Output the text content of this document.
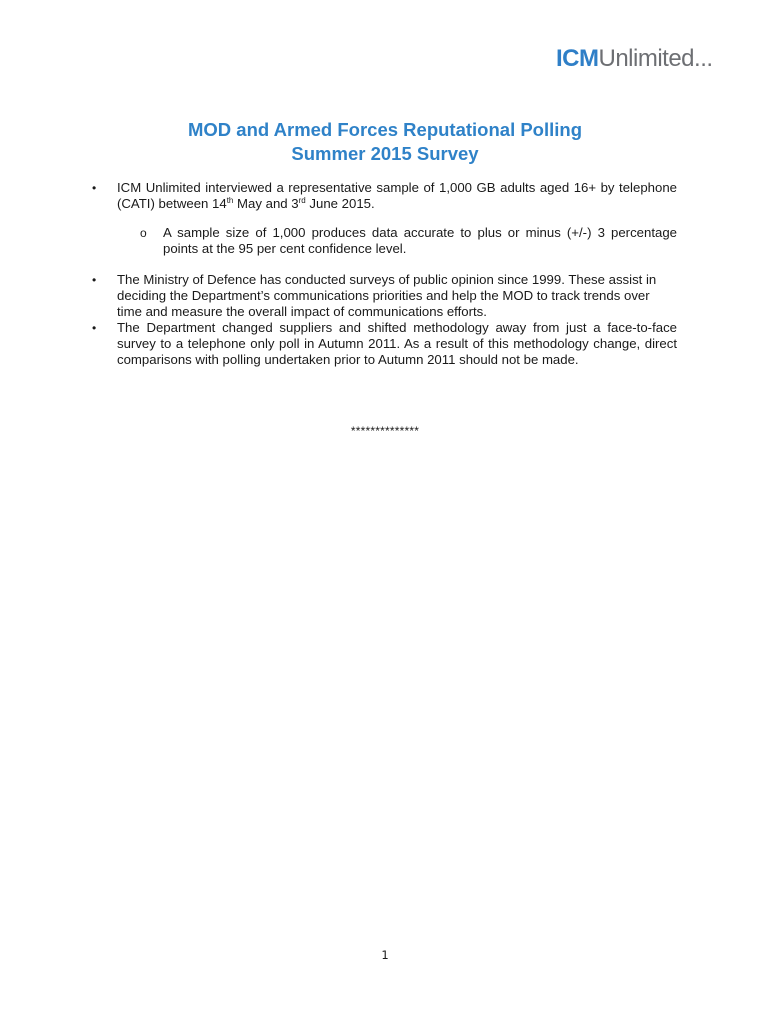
ICMUnlimited...
MOD and Armed Forces Reputational Polling
Summer 2015 Survey
• ICM Unlimited interviewed a representative sample of 1,000 GB adults aged 16+ by telephone (CATI) between 14th May and 3rd June 2015.
o A sample size of 1,000 produces data accurate to plus or minus (+/-) 3 percentage points at the 95 per cent confidence level.
• The Ministry of Defence has conducted surveys of public opinion since 1999. These assist in deciding the Department’s communications priorities and help the MOD to track trends over time and measure the overall impact of communications efforts.
• The Department changed suppliers and shifted methodology away from just a face-to-face survey to a telephone only poll in Autumn 2011. As a result of this methodology change, direct comparisons with polling undertaken prior to Autumn 2011 should not be made.
**************
1
